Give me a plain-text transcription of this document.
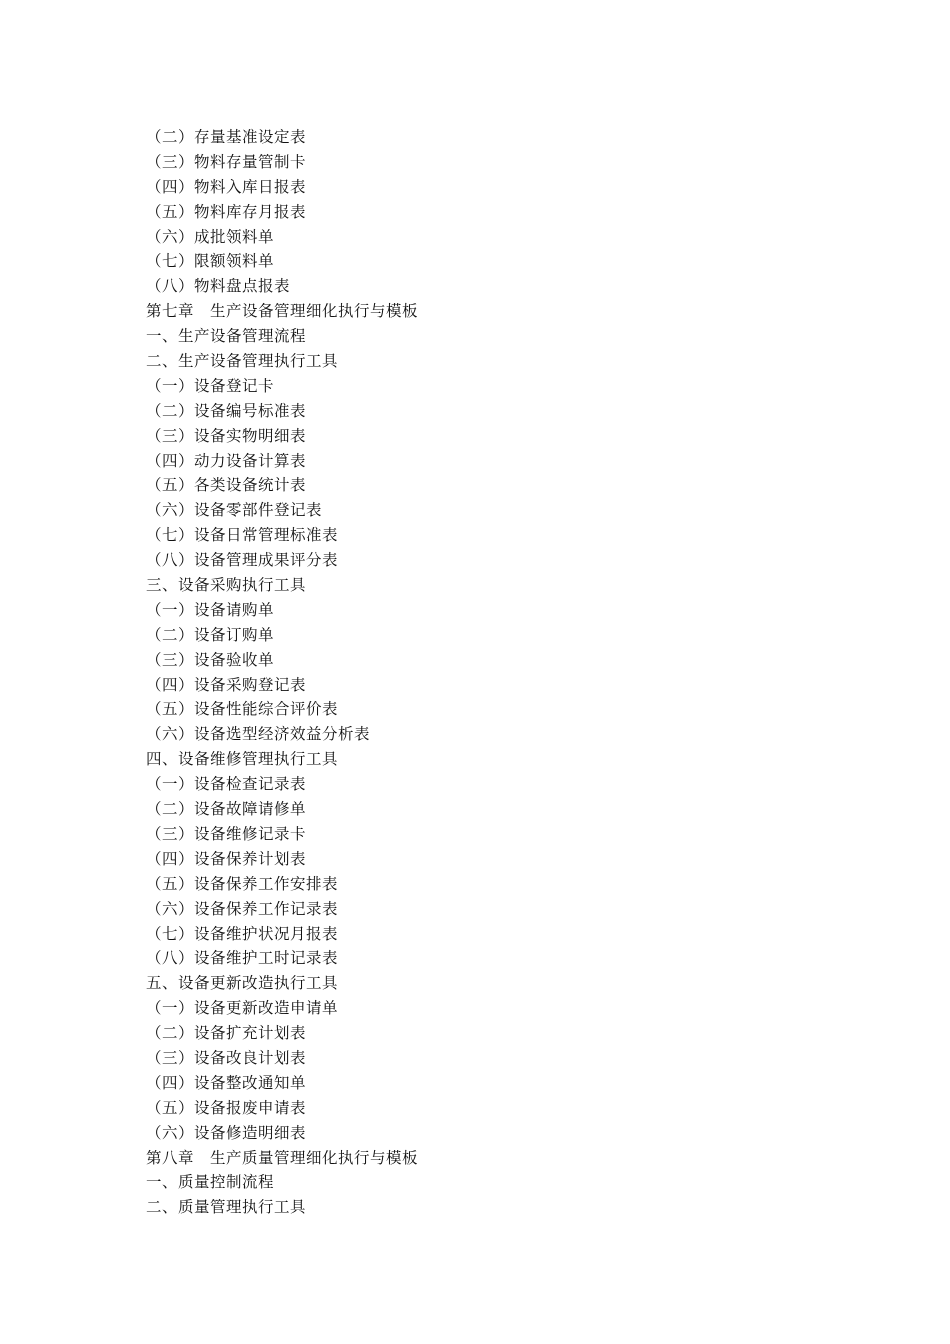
（二）存量基准设定表
（三）物料存量管制卡
（四）物料入库日报表
（五）物料库存月报表
（六）成批领料单
（七）限额领料单
（八）物料盘点报表
第七章　生产设备管理细化执行与模板
一、生产设备管理流程
二、生产设备管理执行工具
（一）设备登记卡
（二）设备编号标准表
（三）设备实物明细表
（四）动力设备计算表
（五）各类设备统计表
（六）设备零部件登记表
（七）设备日常管理标准表
（八）设备管理成果评分表
三、设备采购执行工具
（一）设备请购单
（二）设备订购单
（三）设备验收单
（四）设备采购登记表
（五）设备性能综合评价表
（六）设备选型经济效益分析表
四、设备维修管理执行工具
（一）设备检查记录表
（二）设备故障请修单
（三）设备维修记录卡
（四）设备保养计划表
（五）设备保养工作安排表
（六）设备保养工作记录表
（七）设备维护状况月报表
（八）设备维护工时记录表
五、设备更新改造执行工具
（一）设备更新改造申请单
（二）设备扩充计划表
（三）设备改良计划表
（四）设备整改通知单
（五）设备报废申请表
（六）设备修造明细表
第八章　生产质量管理细化执行与模板
一、质量控制流程
二、质量管理执行工具
